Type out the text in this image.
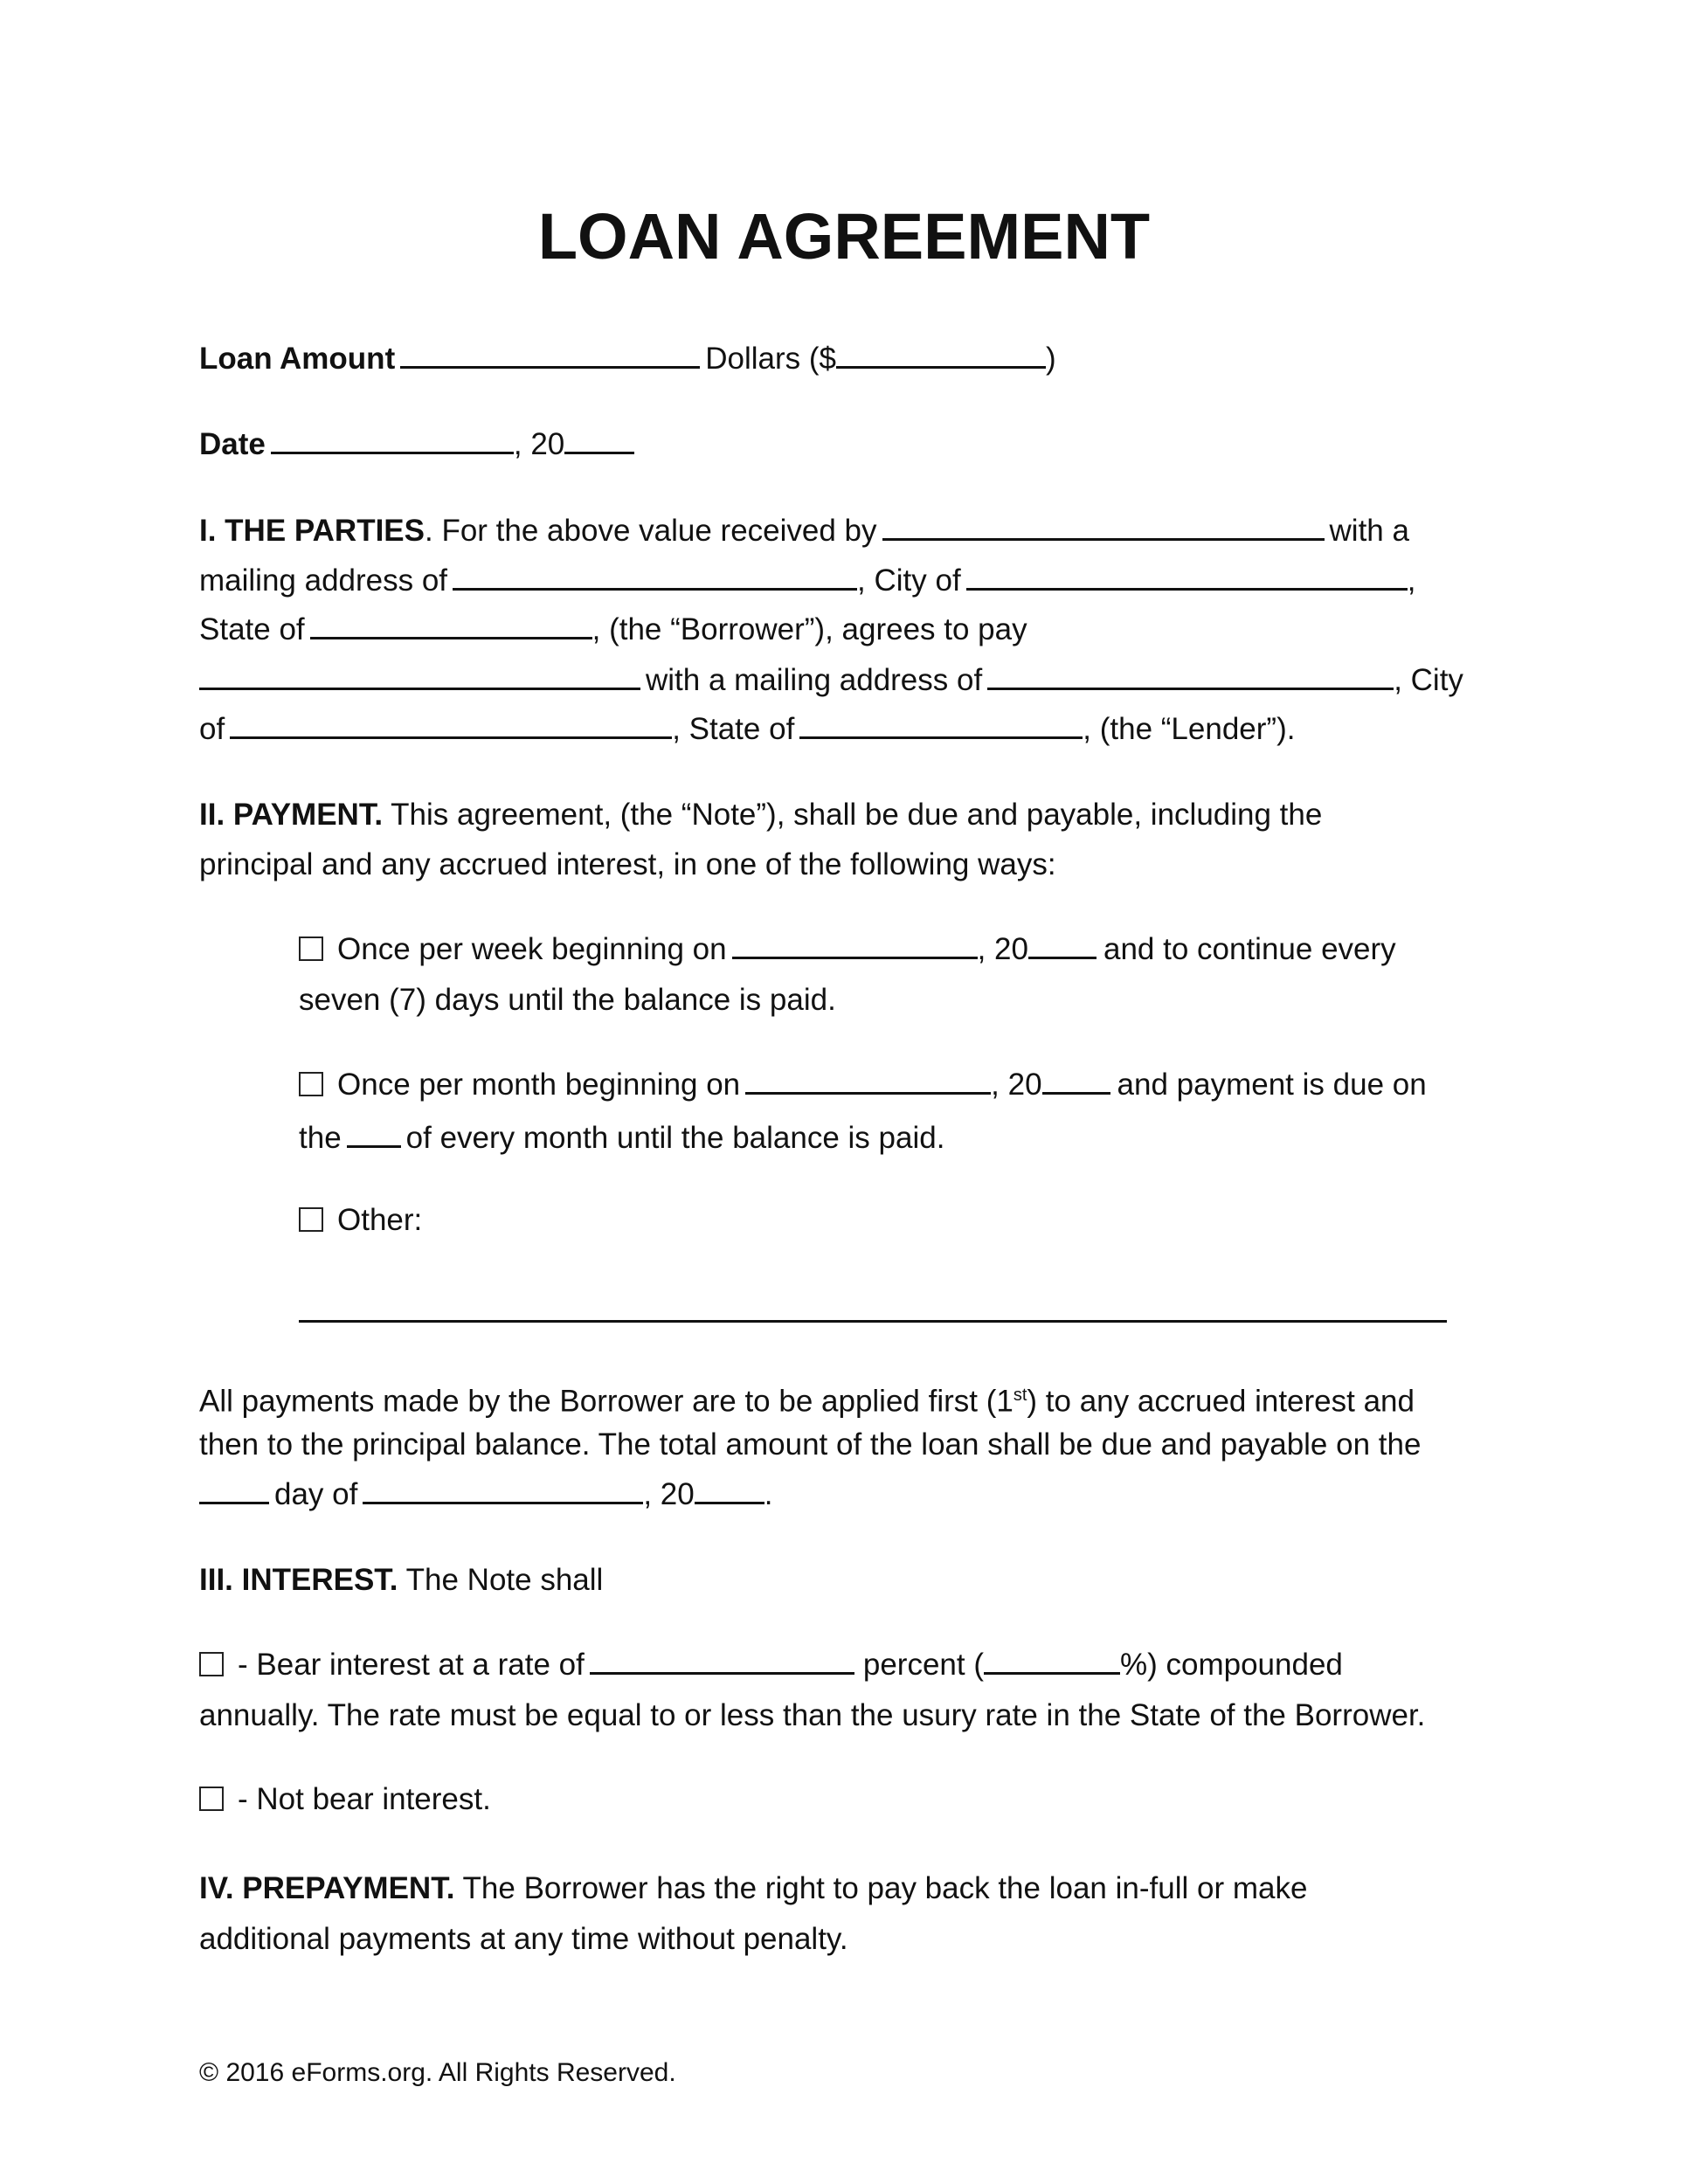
LOAN AGREEMENT
Loan Amount	Dollars ($	)
Date	, 20
I. THE PARTIES. For the above value received by	with a
mailing address of	, City of	,
State of	, (the “Borrower”), agrees to pay
with a mailing address of	, City
of	, State of	, (the “Lender”).
II. PAYMENT. This agreement, (the “Note”), shall be due and payable, including the
principal and any accrued interest, in one of the following ways:
Once per week beginning on	, 20 and to continue every
seven (7) days until the balance is paid.
Once per month beginning on	, 20 and payment is due on
the of every month until the balance is paid.
Other:
All payments made by the Borrower are to be applied first (1st) to any accrued interest and
then to the principal balance. The total amount of the loan shall be due and payable on the
day of	, 20 .
III. INTEREST. The Note shall
- Bear interest at a rate of	percent (	%) compounded
annually. The rate must be equal to or less than the usury rate in the State of the Borrower.
- Not bear interest.
IV. PREPAYMENT. The Borrower has the right to pay back the loan in-full or make
additional payments at any time without penalty.
© 2016 eForms.org. All Rights Reserved.
